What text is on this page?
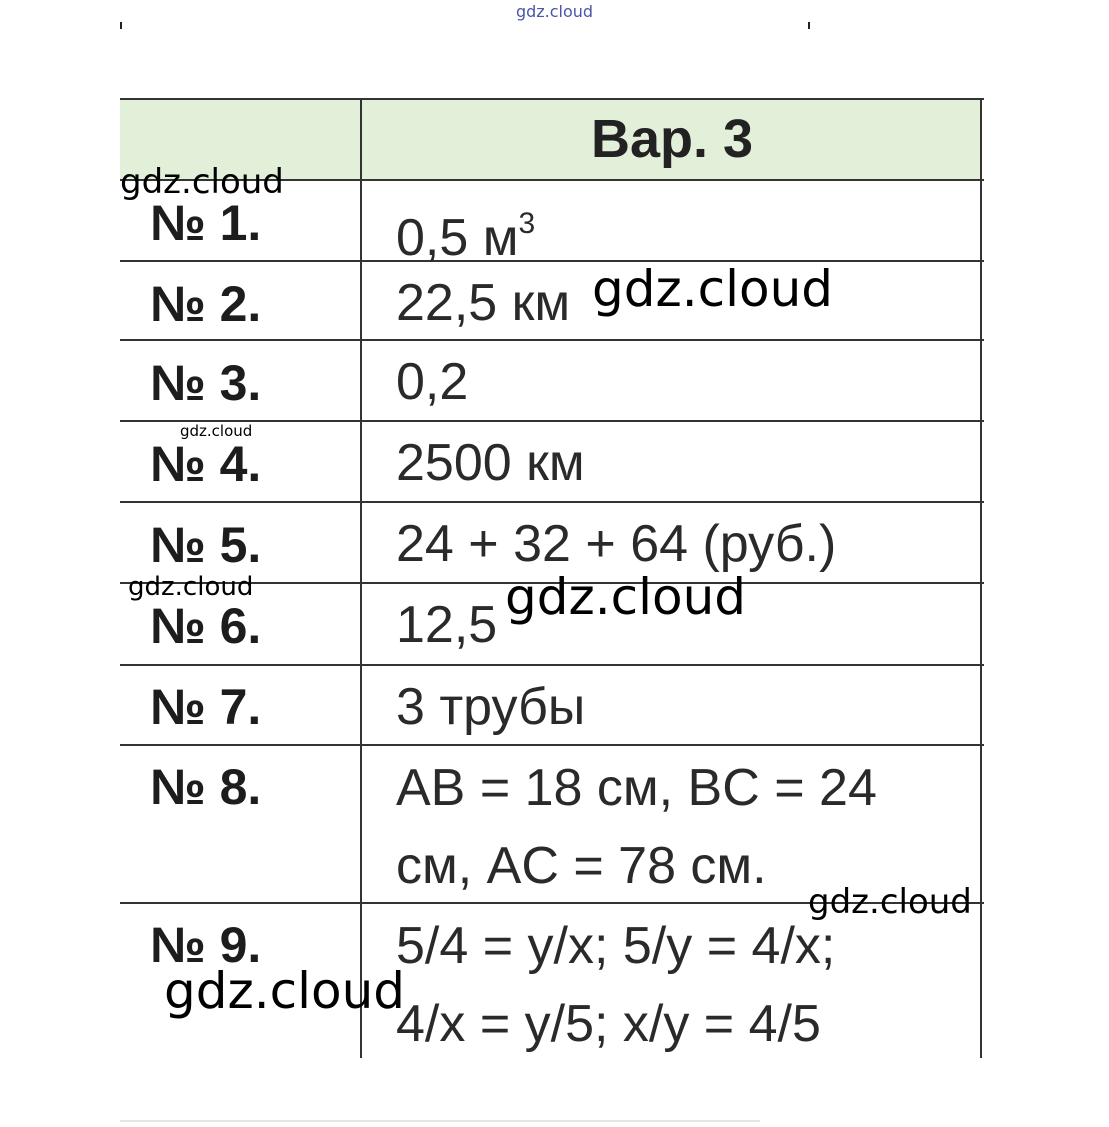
gdz.cloud
Вар. 3
№ 1.	0,5 $м^3$
№ 2.	22,5 км
№ 3.	0,2
№ 4.	2500 км
№ 5.	24 + 32 + 64 (руб.)
№ 6.	12,5
№ 7.	3 трубы
№ 8.	AB = 18 см, BC = 24
см, AC = 78 см.
№ 9.	5/4 = y/x; 5/y = 4/x;
4/x = y/5; x/y = 4/5
gdz.cloud
gdz.cloud
gdz.cloud
gdz.cloud	gdz.cloud
gdz.cloud
gdz.cloud
